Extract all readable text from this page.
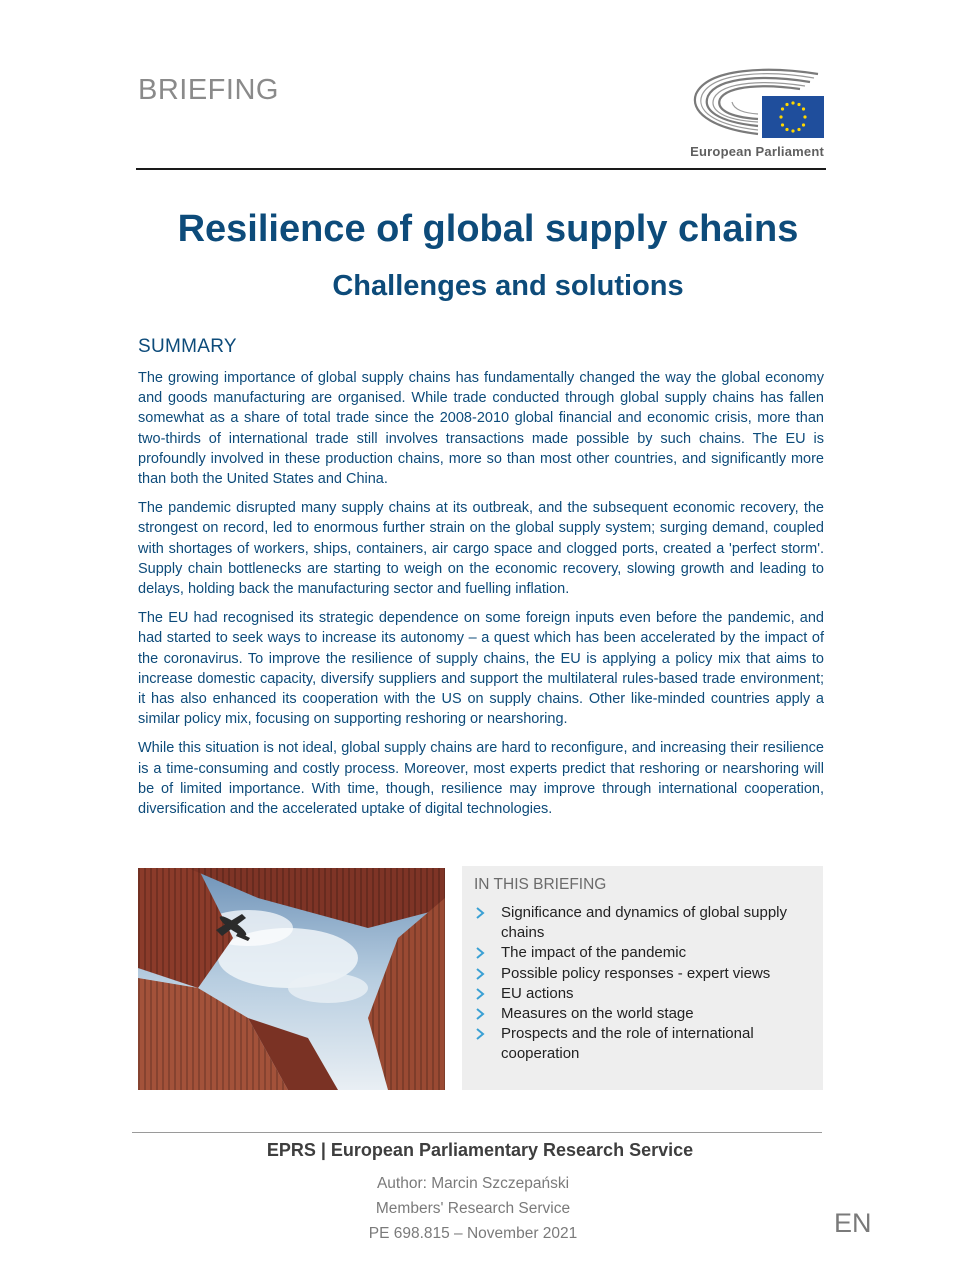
BRIEFING
European Parliament
Resilience of global supply chains
Challenges and solutions
SUMMARY

The growing importance of global supply chains has fundamentally changed the way the global economy and goods manufacturing are organised. While trade conducted through global supply chains has fallen somewhat as a share of total trade since the 2008-2010 global financial and economic crisis, more than two-thirds of international trade still involves transactions made possible by such chains. The EU is profoundly involved in these production chains, more so than most other countries, and significantly more than both the United States and China.

The pandemic disrupted many supply chains at its outbreak, and the subsequent economic recovery, the strongest on record, led to enormous further strain on the global supply system; surging demand, coupled with shortages of workers, ships, containers, air cargo space and clogged ports, created a 'perfect storm'. Supply chain bottlenecks are starting to weigh on the economic recovery, slowing growth and leading to delays, holding back the manufacturing sector and fuelling inflation.

The EU had recognised its strategic dependence on some foreign inputs even before the pandemic, and had started to seek ways to increase its autonomy – a quest which has been accelerated by the impact of the coronavirus. To improve the resilience of supply chains, the EU is applying a policy mix that aims to increase domestic capacity, diversify suppliers and support the multilateral rules-based trade environment; it has also enhanced its cooperation with the US on supply chains. Other like-minded countries apply a similar policy mix, focusing on supporting reshoring or nearshoring.

While this situation is not ideal, global supply chains are hard to reconfigure, and increasing their resilience is a time-consuming and costly process. Moreover, most experts predict that reshoring or nearshoring will be of limited importance. With time, though, resilience may improve through international cooperation, diversification and the accelerated uptake of digital technologies.

IN THIS BRIEFING
Significance and dynamics of global supply chains
The impact of the pandemic
Possible policy responses - expert views
EU actions
Measures on the world stage
Prospects and the role of international cooperation
EPRS | European Parliamentary Research Service
Author: Marcin Szczepański
Members' Research Service
PE 698.815 – November 2021	EN
